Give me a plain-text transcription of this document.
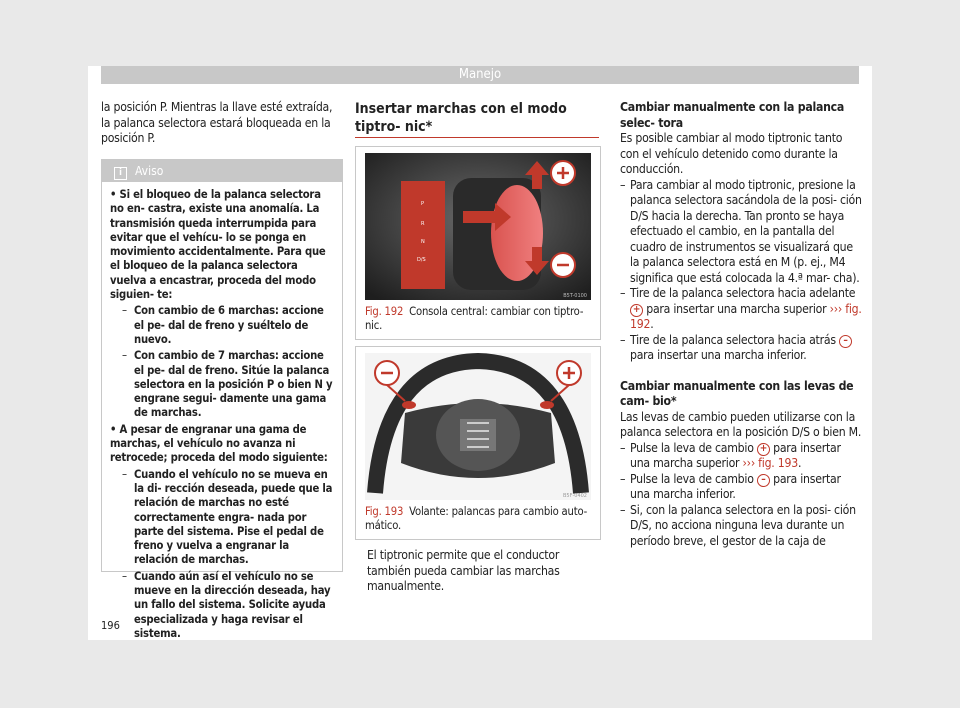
Manejo
la posición P. Mientras la llave esté extraída, la palanca selectora estará bloqueada en la posición P.
i Aviso
• Si el bloqueo de la palanca selectora no en- castra, existe una anomalía. La transmisión queda interrumpida para evitar que el vehícu- lo se ponga en movimiento accidentalmente. Para que el bloqueo de la palanca selectora vuelva a encastrar, proceda del modo siguien- te:
– Con cambio de 6 marchas: accione el pe- dal de freno y suéltelo de nuevo.
– Con cambio de 7 marchas: accione el pe- dal de freno. Sitúe la palanca selectora en la posición P o bien N y engrane segui- damente una gama de marchas.
• A pesar de engranar una gama de marchas, el vehículo no avanza ni retrocede; proceda del modo siguiente:
– Cuando el vehículo no se mueva en la di- rección deseada, puede que la relación de marchas no esté correctamente engra- nada por parte del sistema. Pise el pedal de freno y vuelva a engranar la relación de marchas.
– Cuando aún así el vehículo no se mueve en la dirección deseada, hay un fallo del sistema. Solicite ayuda especializada y haga revisar el sistema.
Insertar marchas con el modo tiptro- nic*
P
R
N
D/S
B5T-0100
Fig. 192 Consola central: cambiar con tiptro- nic.
B5F-0402
Fig. 193 Volante: palancas para cambio auto- mático.
El tiptronic permite que el conductor también pueda cambiar las marchas manualmente.
Cambiar manualmente con la palanca selec- tora
Es posible cambiar al modo tiptronic tanto con el vehículo detenido como durante la conducción.
– Para cambiar al modo tiptronic, presione la palanca selectora sacándola de la posi- ción D/S hacia la derecha. Tan pronto se haya efectuado el cambio, en la pantalla del cuadro de instrumentos se visualizará que la palanca selectora está en M (p. ej., M4 significa que está colocada la 4.ª mar- cha).
– Tire de la palanca selectora hacia adelante + para insertar una marcha superior ››› fig. 192.
– Tire de la palanca selectora hacia atrás – para insertar una marcha inferior.
Cambiar manualmente con las levas de cam- bio*
Las levas de cambio pueden utilizarse con la palanca selectora en la posición D/S o bien M.
– Pulse la leva de cambio + para insertar una marcha superior ››› fig. 193.
– Pulse la leva de cambio – para insertar una marcha inferior.
– Si, con la palanca selectora en la posi- ción D/S, no acciona ninguna leva durante un período breve, el gestor de la caja de
196
